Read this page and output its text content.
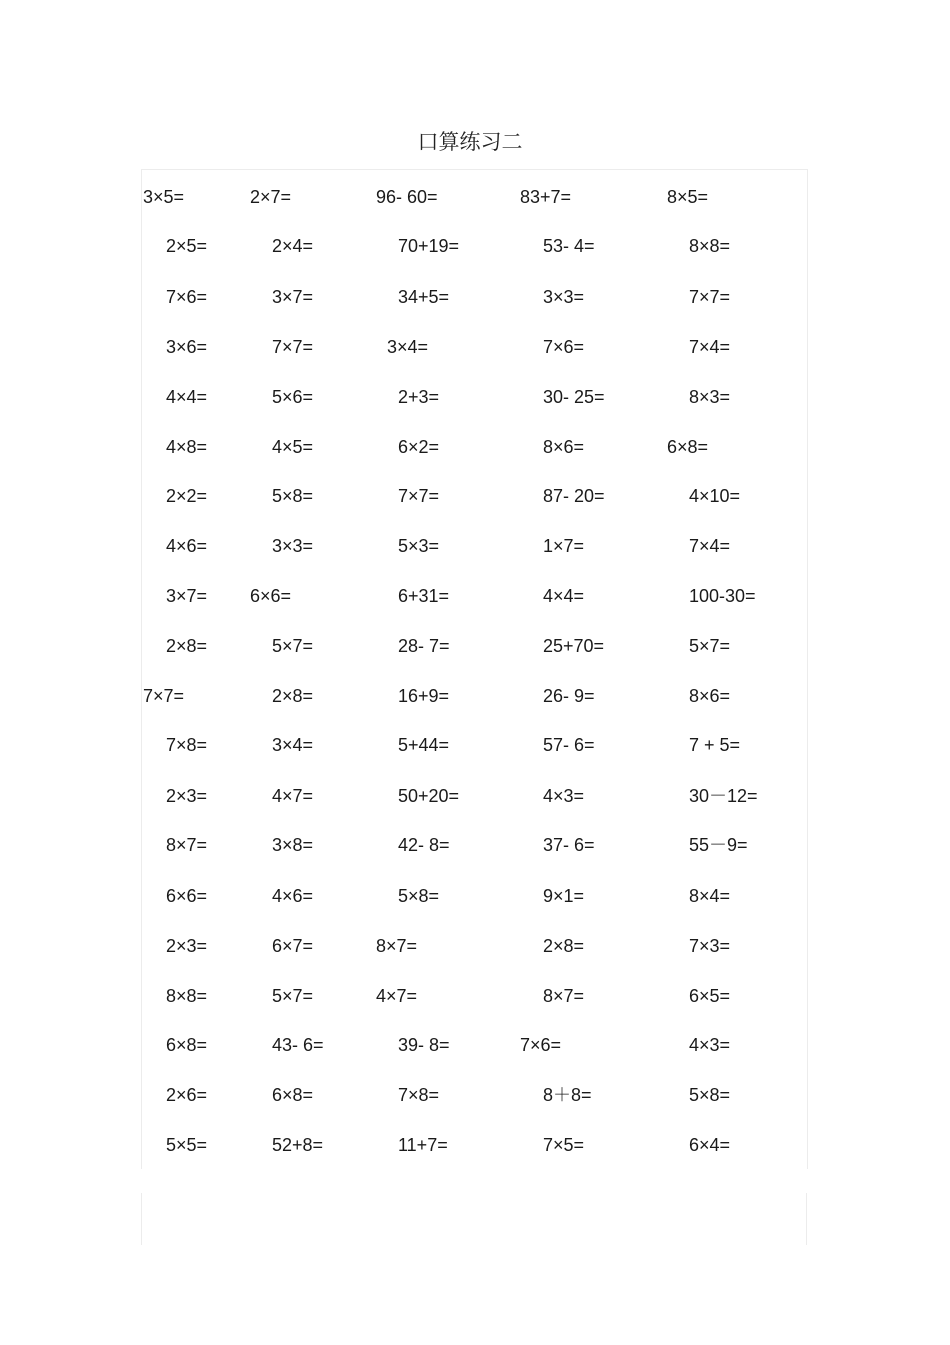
口算练习二
3×5=	2×7=	96- 60=	83+7=	8×5=
2×5=	2×4=	70+19=	53- 4=	8×8=
7×6=	3×7=	34+5=	3×3=	7×7=
3×6=	7×7=	3×4=	7×6=	7×4=
4×4=	5×6=	2+3=	30- 25=	8×3=
4×8=	4×5=	6×2=	8×6=	6×8=
2×2=	5×8=	7×7=	87- 20=	4×10=
4×6=	3×3=	5×3=	1×7=	7×4=
3×7= 6×6=	6+31=	4×4=	100-30=
2×8=	5×7=	28- 7=	25+70=	5×7=
7×7=	2×8=	16+9=	26- 9=	8×6=
7×8=	3×4=	5+44=	57- 6=	7 + 5=
2×3=	4×7=	50+20=	4×3=	30－12=
8×7=	3×8=	42- 8=	37- 6=	55－9=
6×6=	4×6=	5×8=	9×1=	8×4=
2×3=	6×7=	8×7=	2×8=	7×3=
8×8=	5×7=	4×7=	8×7=	6×5=
6×8=	43- 6=	39- 8=	7×6=	4×3=
2×6=	6×8=	7×8=	8＋8=	5×8=
5×5=	52+8=	11+7=	7×5=	6×4=
